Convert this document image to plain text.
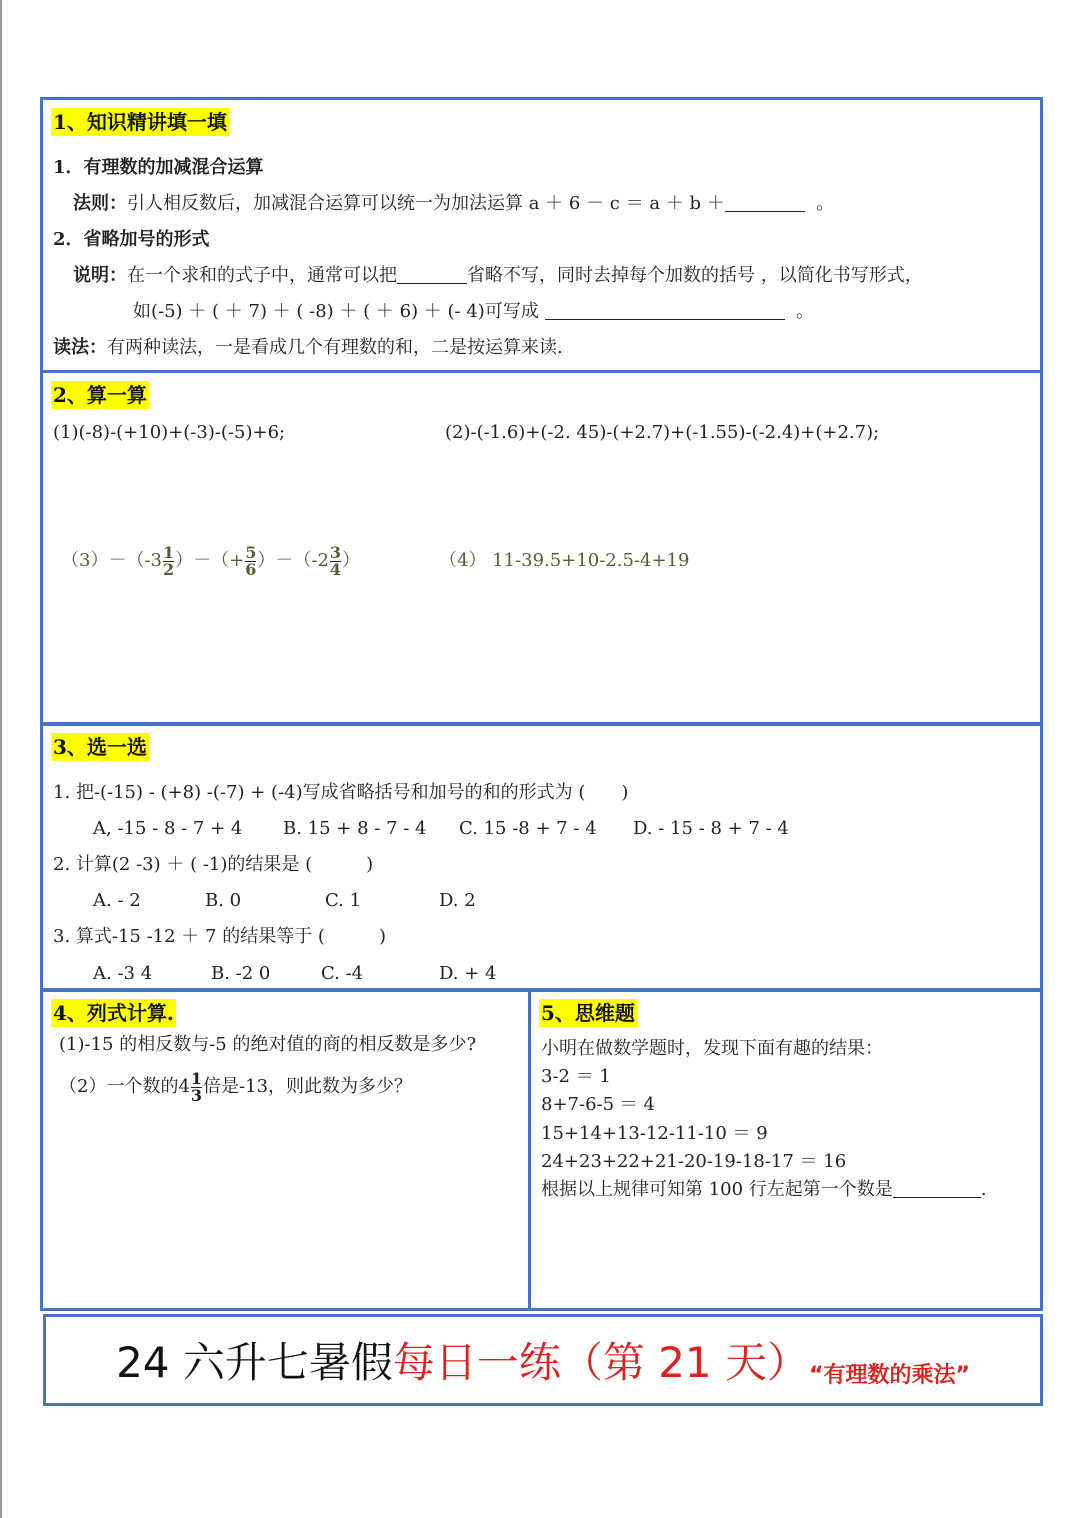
1、知识精讲填一填
1．有理数的加减混合运算
法则：引人相反数后，加减混合运算可以统一为加法运算 a ＋ 6 － c ＝ a ＋ b ＋	。
2．省略加号的形式
说明：在一个求和的式子中，通常可以把	省略不写，同时去掉每个加数的括号 ，以简化书写形式，
如(-5) ＋ ( ＋ 7) ＋ ( -8) ＋ ( ＋ 6) ＋ (- 4)可写成	。
读法：有两种读法，一是看成几个有理数的和，二是按运算来读.
2、算一算
(1)(-8)-(+10)+(-3)-(-5)+6;	(2)-(-1.6)+(-2. 45)-(+2.7)+(-1.55)-(-2.4)+(+2.7);
$(3)-(-3 \frac{1}{2}$ ）－（+ $\frac{5}{6} )-(-2 \frac{3}{4}$ ）	（4） 11-39.5+10-2.5-4+19
3、选一选
1. 把-(-15) - (+8) -(-7) + (-4)写成省略括号和加号的和的形式为 (　　)
A, -15 - 8 - 7 + 4 B. 15 + 8 - 7 - 4 C. 15 -8 + 7 - 4 D. - 15 - 8 + 7 - 4
2. 计算(2 -3) ＋ ( -1)的结果是 (　　　)
A. - 2	B. 0	C. 1	D. 2
3. 算式-15 -12 ＋ 7 的结果等于 (　　　)
A. -3 4	B. -2 0	C. -4	D. + 4
4、列式计算.
(1)-15 的相反数与-5 的绝对值的商的相反数是多少?
（2）一个数的$4 \frac{1}{3}$ 倍是-13，则此数为多少？
5、思维题
小明在做数学题时，发现下面有趣的结果：
3-2 ＝ 1
8+7-6-5 ＝ 4
15+14+13-12-11-10 ＝ 9
24+23+22+21-20-19-18-17 ＝ 16
根据以上规律可知第 100 行左起第一个数是	.
24 六升七暑假 每日一练（第 21 天） “有理数的乘法”
